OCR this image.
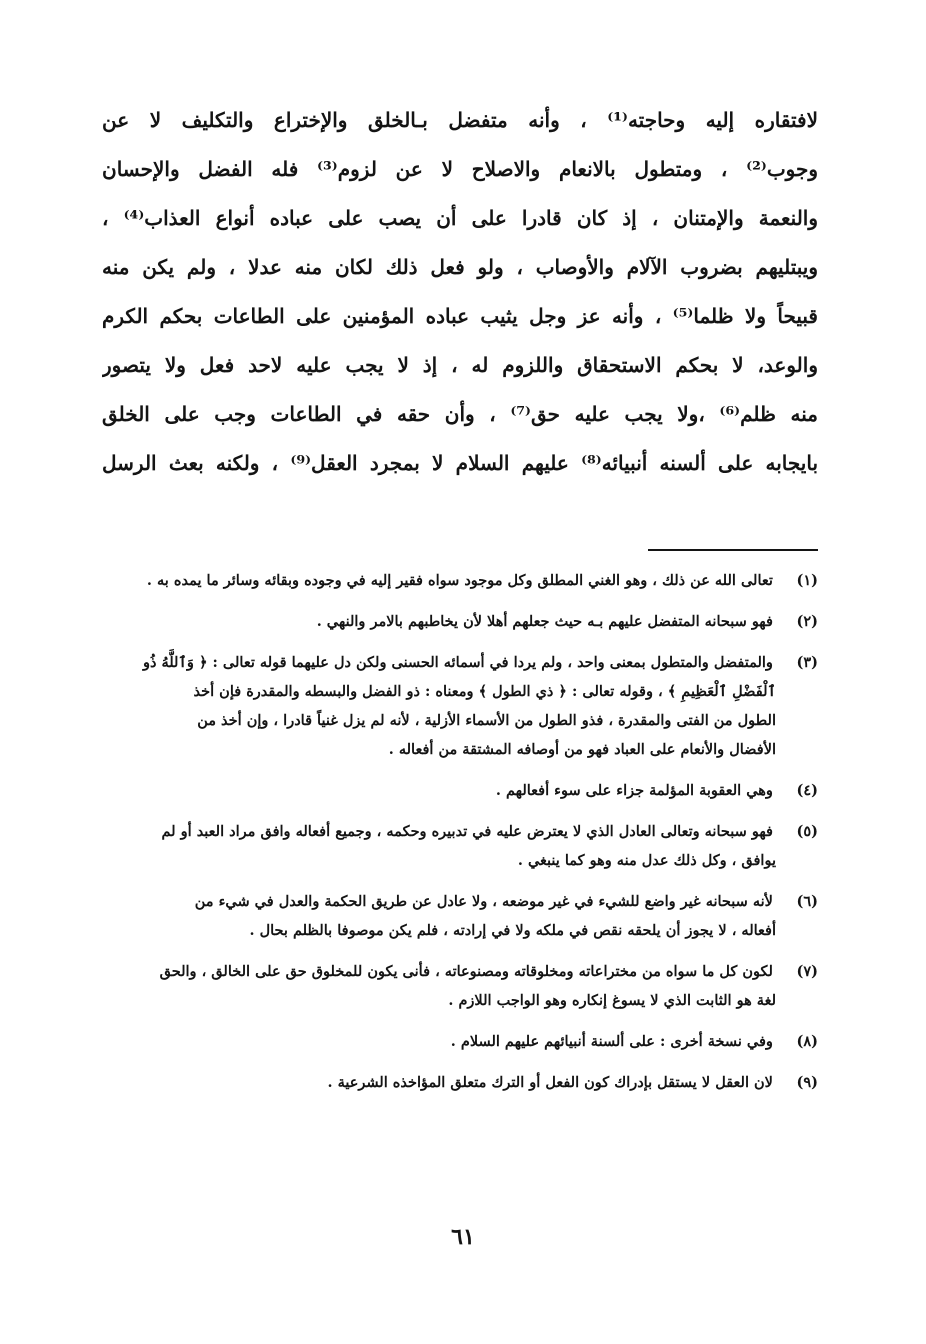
لافتقاره إليه وحاجته⁽¹⁾ ، وأنه متفضل بـالخلق والإختراع والتكليف لا عن
وجوب⁽²⁾ ، ومتطول بالانعام والاصلاح لا عن لزوم⁽³⁾ فله الفضل والإحسان
والنعمة والإمتنان ، إذ كان قادرا على أن يصب على عباده أنواع العذاب⁽⁴⁾ ،
ويبتليهم بضروب الآلام والأوصاب ، ولو فعل ذلك لكان منه عدلا ، ولم يكن منه
قبيحاً ولا ظلما⁽⁵⁾ ، وأنه عز وجل يثيب عباده المؤمنين على الطاعات بحكم الكرم
والوعد، لا بحكم الاستحقاق واللزوم له ، إذ لا يجب عليه لاحد فعل ولا يتصور
منه ظلم⁽⁶⁾ ،ولا يجب عليه حق⁽⁷⁾ ، وأن حقه في الطاعات وجب على الخلق
بايجابه على ألسنه أنبيائه⁽⁸⁾ عليهم السلام لا بمجرد العقل⁽⁹⁾ ، ولكنه بعث الرسل
(١) تعالى الله عن ذلك ، وهو الغني المطلق وكل موجود سواه فقير إليه في وجوده وبقائه وسائر ما يمده به .
(٢) فهو سبحانه المتفضل عليهم بـه حيث جعلهم أهلا لأن يخاطبهم بالامر والنهي .
(٣) والمتفضل والمتطول بمعنى واحد ، ولم يردا في أسمائه الحسنى ولكن دل عليهما قوله تعالى : ﴿ وَٱللَّهُ ذُو
ٱلْفَضْلِ ٱلْعَظِيمِ ﴾ ، وقوله تعالى : ﴿ ذي الطول ﴾ ومعناه : ذو الفضل والبسطه والمقدرة فإن أخذ
الطول من الفتى والمقدرة ، فذو الطول من الأسماء الأزلية ، لأنه لم يزل غنياً قادرا ، وإن أخذ من
الأفضال والأنعام على العباد فهو من أوصافه المشتقة من أفعاله .
(٤) وهي العقوبة المؤلمة جزاء على سوء أفعالهم .
(٥) فهو سبحانه وتعالى العادل الذي لا يعترض عليه في تدبيره وحكمه ، وجميع أفعاله وافق مراد العبد أو لم
يوافق ، وكل ذلك عدل منه وهو كما ينبغي .
(٦) لأنه سبحانه غير واضع للشيء في غير موضعه ، ولا عادل عن طريق الحكمة والعدل في شيء من
أفعاله ، لا يجوز أن يلحقه نقص في ملكه ولا في إرادته ، فلم يكن موصوفا بالظلم بحال .
(٧) لكون كل ما سواه من مختراعاته ومخلوقاته ومصنوعاته ، فأنى يكون للمخلوق حق على الخالق ، والحق
لغة هو الثابت الذي لا يسوغ إنكاره وهو الواجب اللازم .
(٨) وفي نسخة أخرى : على ألسنة أنبيائهم عليهم السلام .
(٩) لان العقل لا يستقل بإدراك كون الفعل أو الترك متعلق المؤاخذه الشرعية .
٦١
